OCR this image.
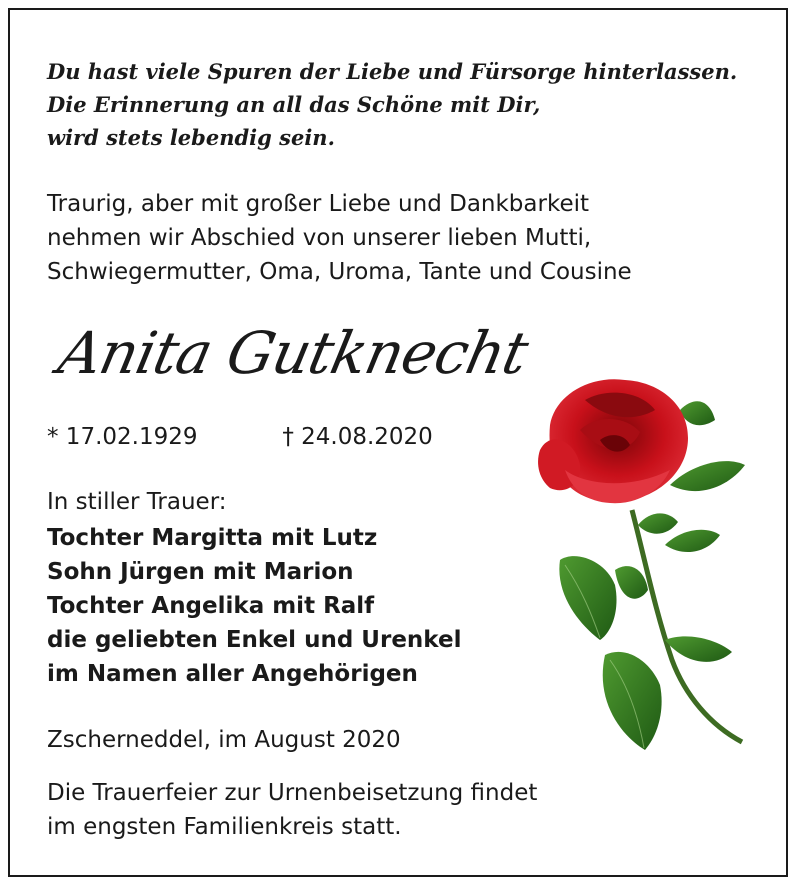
Du hast viele Spuren der Liebe und Fürsorge hinterlassen.
Die Erinnerung an all das Schöne mit Dir,
wird stets lebendig sein.
Traurig, aber mit großer Liebe und Dankbarkeit
nehmen wir Abschied von unserer lieben Mutti,
Schwiegermutter, Oma, Uroma, Tante und Cousine
Anita Gutknecht
* 17.02.1929	† 24.08.2020
In stiller Trauer:
Tochter Margitta mit Lutz
Sohn Jürgen mit Marion
Tochter Angelika mit Ralf
die geliebten Enkel und Urenkel
im Namen aller Angehörigen
Zscherneddel, im August 2020
Die Trauerfeier zur Urnenbeisetzung findet
im engsten Familienkreis statt.
